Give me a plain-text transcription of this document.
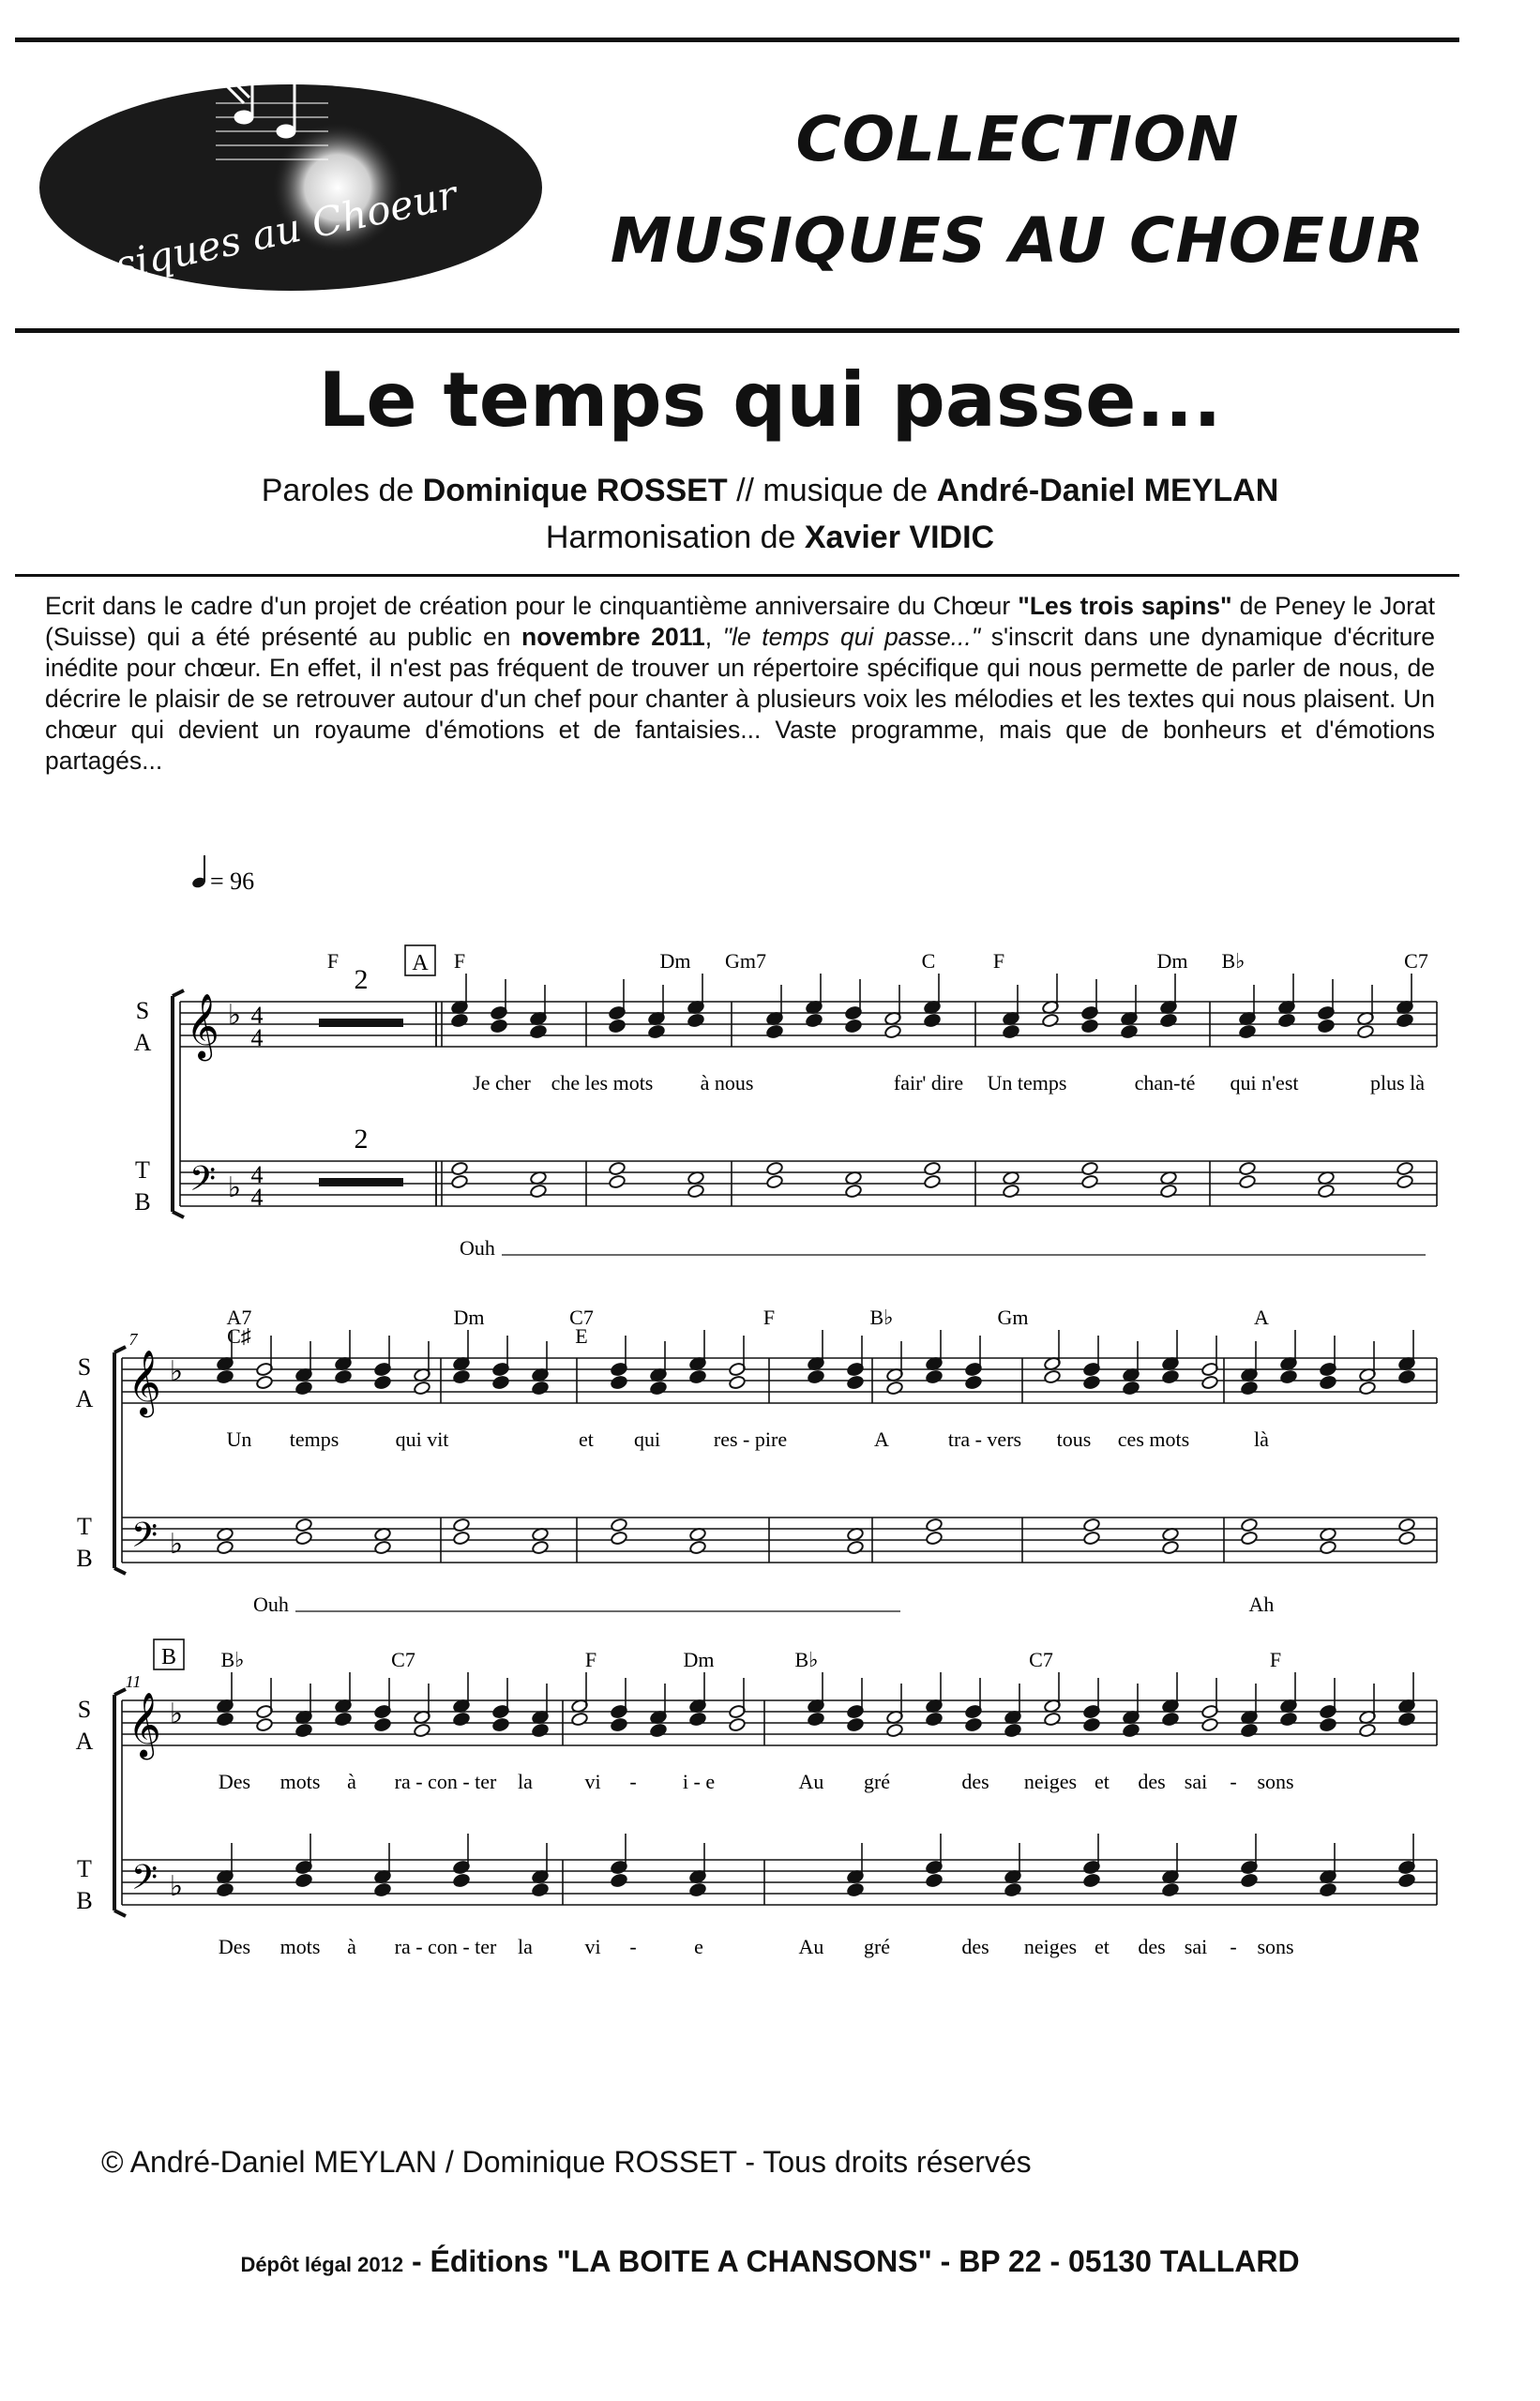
Musiques au Choeur
COLLECTION
MUSIQUES AU CHOEUR
Le temps qui passe...
Paroles de Dominique ROSSET // musique de André-Daniel MEYLAN
Harmonisation de Xavier VIDIC
Ecrit dans le cadre d'un projet de création pour le cinquantième anniversaire du Chœur "Les trois sapins" de Peney le Jorat (Suisse) qui a été présenté au public en novembre 2011, "le temps qui passe..." s'inscrit dans une dynamique d'écriture inédite pour chœur. En effet, il n'est pas fréquent de trouver un répertoire spécifique qui nous permette de parler de nous, de décrire le plaisir de se retrouver autour d'un chef pour chanter à plusieurs voix les mélodies et les textes qui nous plaisent. Un chœur qui devient un royaume d'émotions et de fantaisies... Vaste programme, mais que de bonheurs et d'émotions partagés...
= 96
S
A
T
B
𝄞
𝄢
♭
♭
4
4
4
4
2
2
A
F	F	Dm Gm7	C	F	Dm B♭	C7
Je cher che les mots à nous	fair' dire Un temps	chan-té qui n'est	plus là
Ouh
S
A
T
B
𝄞
𝄢
♭
♭
7
A7
C♯
Dm	C7
E
F	B♭	Gm	A
Un temps	qui vit	et qui	res - pire	A	tra - vers tous ces mots	là
Ouh	Ah
S
A
T
B
𝄞
𝄢
♭
♭
B
11
B♭	C7	F	Dm	B♭	C7	F
Des mots à ra - con - ter la	vi - i - e	Au gré	des neiges et des sai - sons
Des mots à ra - con - ter la	vi -	e	Au gré	des neiges et des sai - sons
© André-Daniel MEYLAN / Dominique ROSSET - Tous droits réservés
Dépôt légal 2012 - Éditions "LA BOITE A CHANSONS" - BP 22 - 05130 TALLARD
